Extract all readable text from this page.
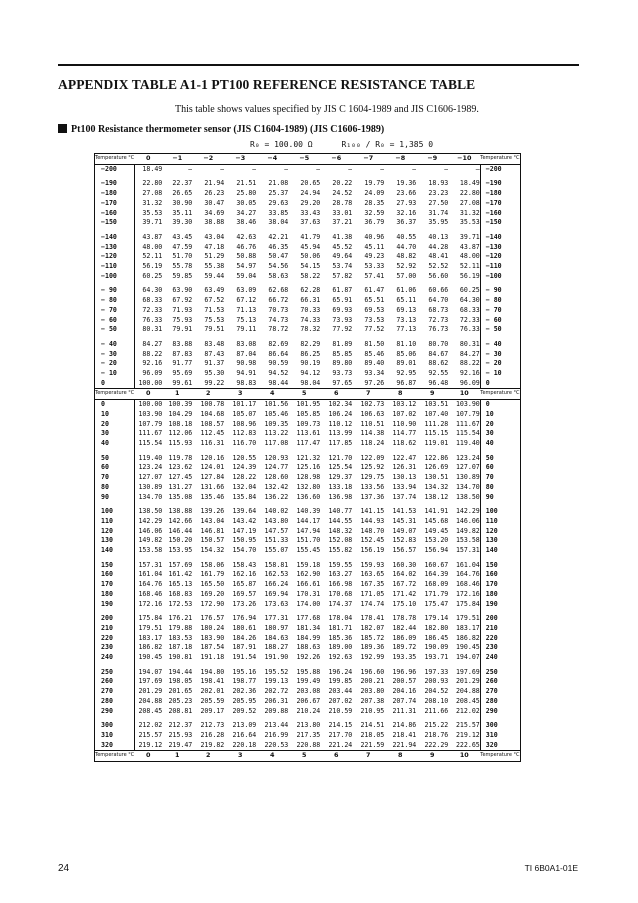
APPENDIX TABLE A1-1 PT100 REFERENCE RESISTANCE TABLE
This table shows values specified by JIS C 1604-1989 and JIS C1606-1989.
Pt100 Resistance thermometer sensor (JIS C1604-1989) (JIS C1606-1989)
R₀ = 100.00 Ω      R₁₀₀ / R₀ = 1,385 0
Temperature °C	0	−1	−2	−3	−4	−5	−6	−7	−8	−9	−10	Temperature °C
−200	18.49	—	—	—	—	—	—	—	—	—	—	−200

−190	22.80	22.37	21.94	21.51	21.08	20.65	20.22	19.79	19.36	18.93	18.49	−190
−180	27.08	26.65	26.23	25.80	25.37	24.94	24.52	24.09	23.66	23.23	22.80	−180
−170	31.32	30.90	30.47	30.05	29.63	29.20	28.78	28.35	27.93	27.50	27.08	−170
−160	35.53	35.11	34.69	34.27	33.85	33.43	33.01	32.59	32.16	31.74	31.32	−160
−150	39.71	39.30	38.88	38.46	38.04	37.63	37.21	36.79	36.37	35.95	35.53	−150

−140	43.87	43.45	43.04	42.63	42.21	41.79	41.38	40.96	40.55	40.13	39.71	−140
−130	48.00	47.59	47.18	46.76	46.35	45.94	45.52	45.11	44.70	44.28	43.87	−130
−120	52.11	51.70	51.29	50.88	50.47	50.06	49.64	49.23	48.82	48.41	48.00	−120
−110	56.19	55.78	55.38	54.97	54.56	54.15	53.74	53.33	52.92	52.52	52.11	−110
−100	60.25	59.85	59.44	59.04	58.63	58.22	57.82	57.41	57.00	56.60	56.19	−100

− 90	64.30	63.90	63.49	63.09	62.68	62.28	61.87	61.47	61.06	60.66	60.25	− 90
− 80	68.33	67.92	67.52	67.12	66.72	66.31	65.91	65.51	65.11	64.70	64.30	− 80
− 70	72.33	71.93	71.53	71.13	70.73	70.33	69.93	69.53	69.13	68.73	68.33	− 70
− 60	76.33	75.93	75.53	75.13	74.73	74.33	73.93	73.53	73.13	72.73	72.33	− 60
− 50	80.31	79.91	79.51	79.11	78.72	78.32	77.92	77.52	77.13	76.73	76.33	− 50

− 40	84.27	83.88	83.48	83.08	82.69	82.29	81.89	81.50	81.10	80.70	80.31	− 40
− 30	88.22	87.83	87.43	87.04	86.64	86.25	85.85	85.46	85.06	84.67	84.27	− 30
− 20	92.16	91.77	91.37	90.98	90.59	90.19	89.80	89.40	89.01	88.62	88.22	− 20
− 10	96.09	95.69	95.30	94.91	94.52	94.12	93.73	93.34	92.95	92.55	92.16	− 10
0	100.00	99.61	99.22	98.83	98.44	98.04	97.65	97.26	96.87	96.48	96.09	0
Temperature °C	0	1	2	3	4	5	6	7	8	9	10	Temperature °C
0	100.00	100.39	100.78	101.17	101.56	101.95	102.34	102.73	103.12	103.51	103.90	0
10	103.90	104.29	104.68	105.07	105.46	105.85	106.24	106.63	107.02	107.40	107.79	10
20	107.79	108.18	108.57	108.96	109.35	109.73	110.12	110.51	110.90	111.28	111.67	20
30	111.67	112.06	112.45	112.83	113.22	113.61	113.99	114.38	114.77	115.15	115.54	30
40	115.54	115.93	116.31	116.70	117.08	117.47	117.85	118.24	118.62	119.01	119.40	40

50	119.40	119.78	120.16	120.55	120.93	121.32	121.70	122.09	122.47	122.86	123.24	50
60	123.24	123.62	124.01	124.39	124.77	125.16	125.54	125.92	126.31	126.69	127.07	60
70	127.07	127.45	127.84	128.22	128.60	128.98	129.37	129.75	130.13	130.51	130.89	70
80	130.89	131.27	131.66	132.04	132.42	132.80	133.18	133.56	133.94	134.32	134.70	80
90	134.70	135.08	135.46	135.84	136.22	136.60	136.98	137.36	137.74	138.12	138.50	90

100	138.50	138.88	139.26	139.64	140.02	140.39	140.77	141.15	141.53	141.91	142.29	100
110	142.29	142.66	143.04	143.42	143.80	144.17	144.55	144.93	145.31	145.68	146.06	110
120	146.06	146.44	146.81	147.19	147.57	147.94	148.32	148.70	149.07	149.45	149.82	120
130	149.82	150.20	150.57	150.95	151.33	151.70	152.08	152.45	152.83	153.20	153.58	130
140	153.58	153.95	154.32	154.70	155.07	155.45	155.82	156.19	156.57	156.94	157.31	140

150	157.31	157.69	158.06	158.43	158.81	159.18	159.55	159.93	160.30	160.67	161.04	150
160	161.04	161.42	161.79	162.16	162.53	162.90	163.27	163.65	164.02	164.39	164.76	160
170	164.76	165.13	165.50	165.87	166.24	166.61	166.98	167.35	167.72	168.09	168.46	170
180	168.46	168.83	169.20	169.57	169.94	170.31	170.68	171.05	171.42	171.79	172.16	180
190	172.16	172.53	172.90	173.26	173.63	174.00	174.37	174.74	175.10	175.47	175.84	190

200	175.84	176.21	176.57	176.94	177.31	177.68	178.04	178.41	178.78	179.14	179.51	200
210	179.51	179.88	180.24	180.61	180.97	181.34	181.71	182.07	182.44	182.80	183.17	210
220	183.17	183.53	183.90	184.26	184.63	184.99	185.36	185.72	186.09	186.45	186.82	220
230	186.82	187.18	187.54	187.91	188.27	188.63	189.00	189.36	189.72	190.09	190.45	230
240	190.45	190.81	191.18	191.54	191.90	192.26	192.63	192.99	193.35	193.71	194.07	240

250	194.07	194.44	194.80	195.16	195.52	195.88	196.24	196.60	196.96	197.33	197.69	250
260	197.69	198.05	198.41	198.77	199.13	199.49	199.85	200.21	200.57	200.93	201.29	260
270	201.29	201.65	202.01	202.36	202.72	203.08	203.44	203.80	204.16	204.52	204.88	270
280	204.88	205.23	205.59	205.95	206.31	206.67	207.02	207.38	207.74	208.10	208.45	280
290	208.45	208.81	209.17	209.52	209.88	210.24	210.59	210.95	211.31	211.66	212.02	290

300	212.02	212.37	212.73	213.09	213.44	213.80	214.15	214.51	214.86	215.22	215.57	300
310	215.57	215.93	216.28	216.64	216.99	217.35	217.70	218.05	218.41	218.76	219.12	310
320	219.12	219.47	219.82	220.18	220.53	220.88	221.24	221.59	221.94	222.29	222.65	320
Temperature °C	0	1	2	3	4	5	6	7	8	9	10	Temperature °C
24	TI 6B0A1-01E
